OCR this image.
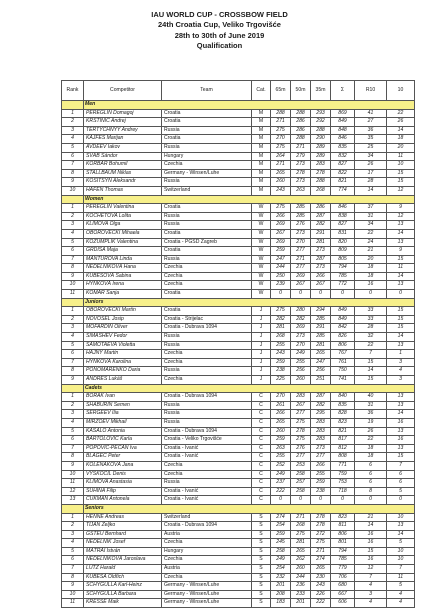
IAU WORLD CUP - CROSSBOW FIELD
24th Croatia Cup, Veliko Trgovišće
28th to 30th of June 2019
Qualification
Rank	Competitor	Team	Cat.	65m	50m	35m	Σ	R10	10
	Men								
1	PEREGLIN Domagoj	Croatia	M	288	288	293	869	41	22
2	KRSTINIĆ Andrej	Croatia	M	271	286	292	849	27	26
3	TERTYCHNYY Andrey	Russia	M	275	286	288	848	36	14
4	KAJFEŠ Marijan	Croatia	M	270	288	290	846	35	18
5	AVDEEV Iakov	Russia	M	275	271	289	835	25	20
6	SVÁB Sándor	Hungary	M	264	279	289	832	34	11
7	KORBAŘ Bohumil	Czechia	M	271	273	283	827	26	10
8	STALLBAUM Niklas	Germany - Winsen/Luhe	M	265	278	278	822	17	15
9	KOSITSYN Aleksandr	Russia	M	260	273	288	821	28	15
10	HAFEN Thomas	Switzerland	M	243	263	268	774	14	12
	Women								
1	PEREGLIN Valentina	Croatia	W	275	285	286	846	37	9
2	KOCHETOVA Lolita	Russia	W	266	285	287	838	31	12
3	KLIMOVA Olga	Russia	W	269	276	282	827	34	13
4	OBOROVEČKI Mihaela	Croatia	W	267	273	291	831	22	14
5	KOZUMPLIK Valentina	Croatia - PGSD Zagreb	W	269	270	281	820	24	13
6	GRDIŠA Maja	Croatia	W	259	277	273	809	21	9
7	MANTUROVA Linda	Russia	W	247	271	287	805	20	15
8	NEDĚLNÍKOVÁ Hana	Czechia	W	244	277	273	794	18	11
9	KUBESOVÁ Sabina	Czechia	W	250	269	266	785	18	14
10	HYNKOVÁ Irena	Czechia	W	239	267	267	772	16	13
11	KOMAR Sanja	Croatia	W	0	0	0	0	0	0
	Juniors								
1	OBOROVEČKI Martin	Croatia	J	275	280	294	849	33	15
2	NOVOSEL Josip	Croatia - Strijelac	J	282	282	285	849	33	15
3	MOFARDIN Oliver	Croatia - Dubrava 1094	J	281	269	291	842	28	15
4	SIMASHEV Fedor	Russia	J	268	273	285	826	32	14
5	SAMOTAEVA Violetta	Russia	J	255	270	281	806	22	13
6	HAJNÝ Martin	Czechia	J	243	249	265	767	7	1
7	HYNKOVÁ Karolina	Czechia	J	259	255	247	761	15	3
8	PONOMARENKO Daria	Russia	J	238	256	256	750	14	4
9	ANDRES Lukáš	Czechia	J	225	260	251	741	15	3
	Cadets								
1	BORAK Ivan	Croatia - Dubrava 1094	C	270	283	287	840	40	13
2	SHABURIN Semen	Russia	C	261	267	282	835	31	13
3	SERGEEV Ilia	Russia	C	266	277	295	828	36	14
4	MIRZOEV Mikhail	Russia	C	265	275	283	823	19	16
5	KASALO Antonia	Croatia - Dubrava 1094	C	260	278	283	821	26	13
6	BARTOLOVIĆ Karla	Croatia - Veliko Trgovišće	C	259	275	283	817	22	16
7	POPOVIĆ-PECAN Iva	Croatia - Ivanić	C	263	276	273	812	18	13
8	BLAGEC Peter	Croatia - Ivanić	C	255	277	277	808	18	15
9	KOLEŇÁKOVÁ Jana	Czechia	C	252	253	266	771	6	7
10	VYSKOČIL Denis	Czechia	C	249	258	255	759	6	6
11	KLIMOVA Anastasia	Russia	C	237	257	259	753	6	6
12	SUHINA Filip	Croatia - Ivanić	C	222	258	238	718	8	5
13	ČUKMAN Antonela	Croatia - Ivanić	C	0	0	0	0	0	0
	Seniors								
1	HENNE Andreas	Switzerland	S	274	271	278	823	21	10
2	TIJAN Željko	Croatia - Dubrava 1094	S	254	268	278	811	14	13
3	GSTEU Bernhard	Austria	S	259	275	272	806	16	14
4	NEDĚLNÍK Josef	Czechia	S	245	281	275	801	16	5
5	MÁTRAI István	Hungary	S	258	265	271	794	15	10
6	NEDĚLNÍKOVÁ Jaroslava	Czechia	S	249	262	274	785	16	10
7	LUTZ Harald	Austria	S	254	260	265	779	12	7
8	KUBESA Oldřich	Czechia	S	232	244	230	706	7	11
9	SCHYGULLA Karl-Heinz	Germany - Winsen/Luhe	S	201	236	243	680	4	5
10	SCHYGULLA Barbara	Germany - Winsen/Luhe	S	208	233	226	667	3	4
11	KRESSE Maik	Germany - Winsen/Luhe	S	183	201	222	606	4	4
